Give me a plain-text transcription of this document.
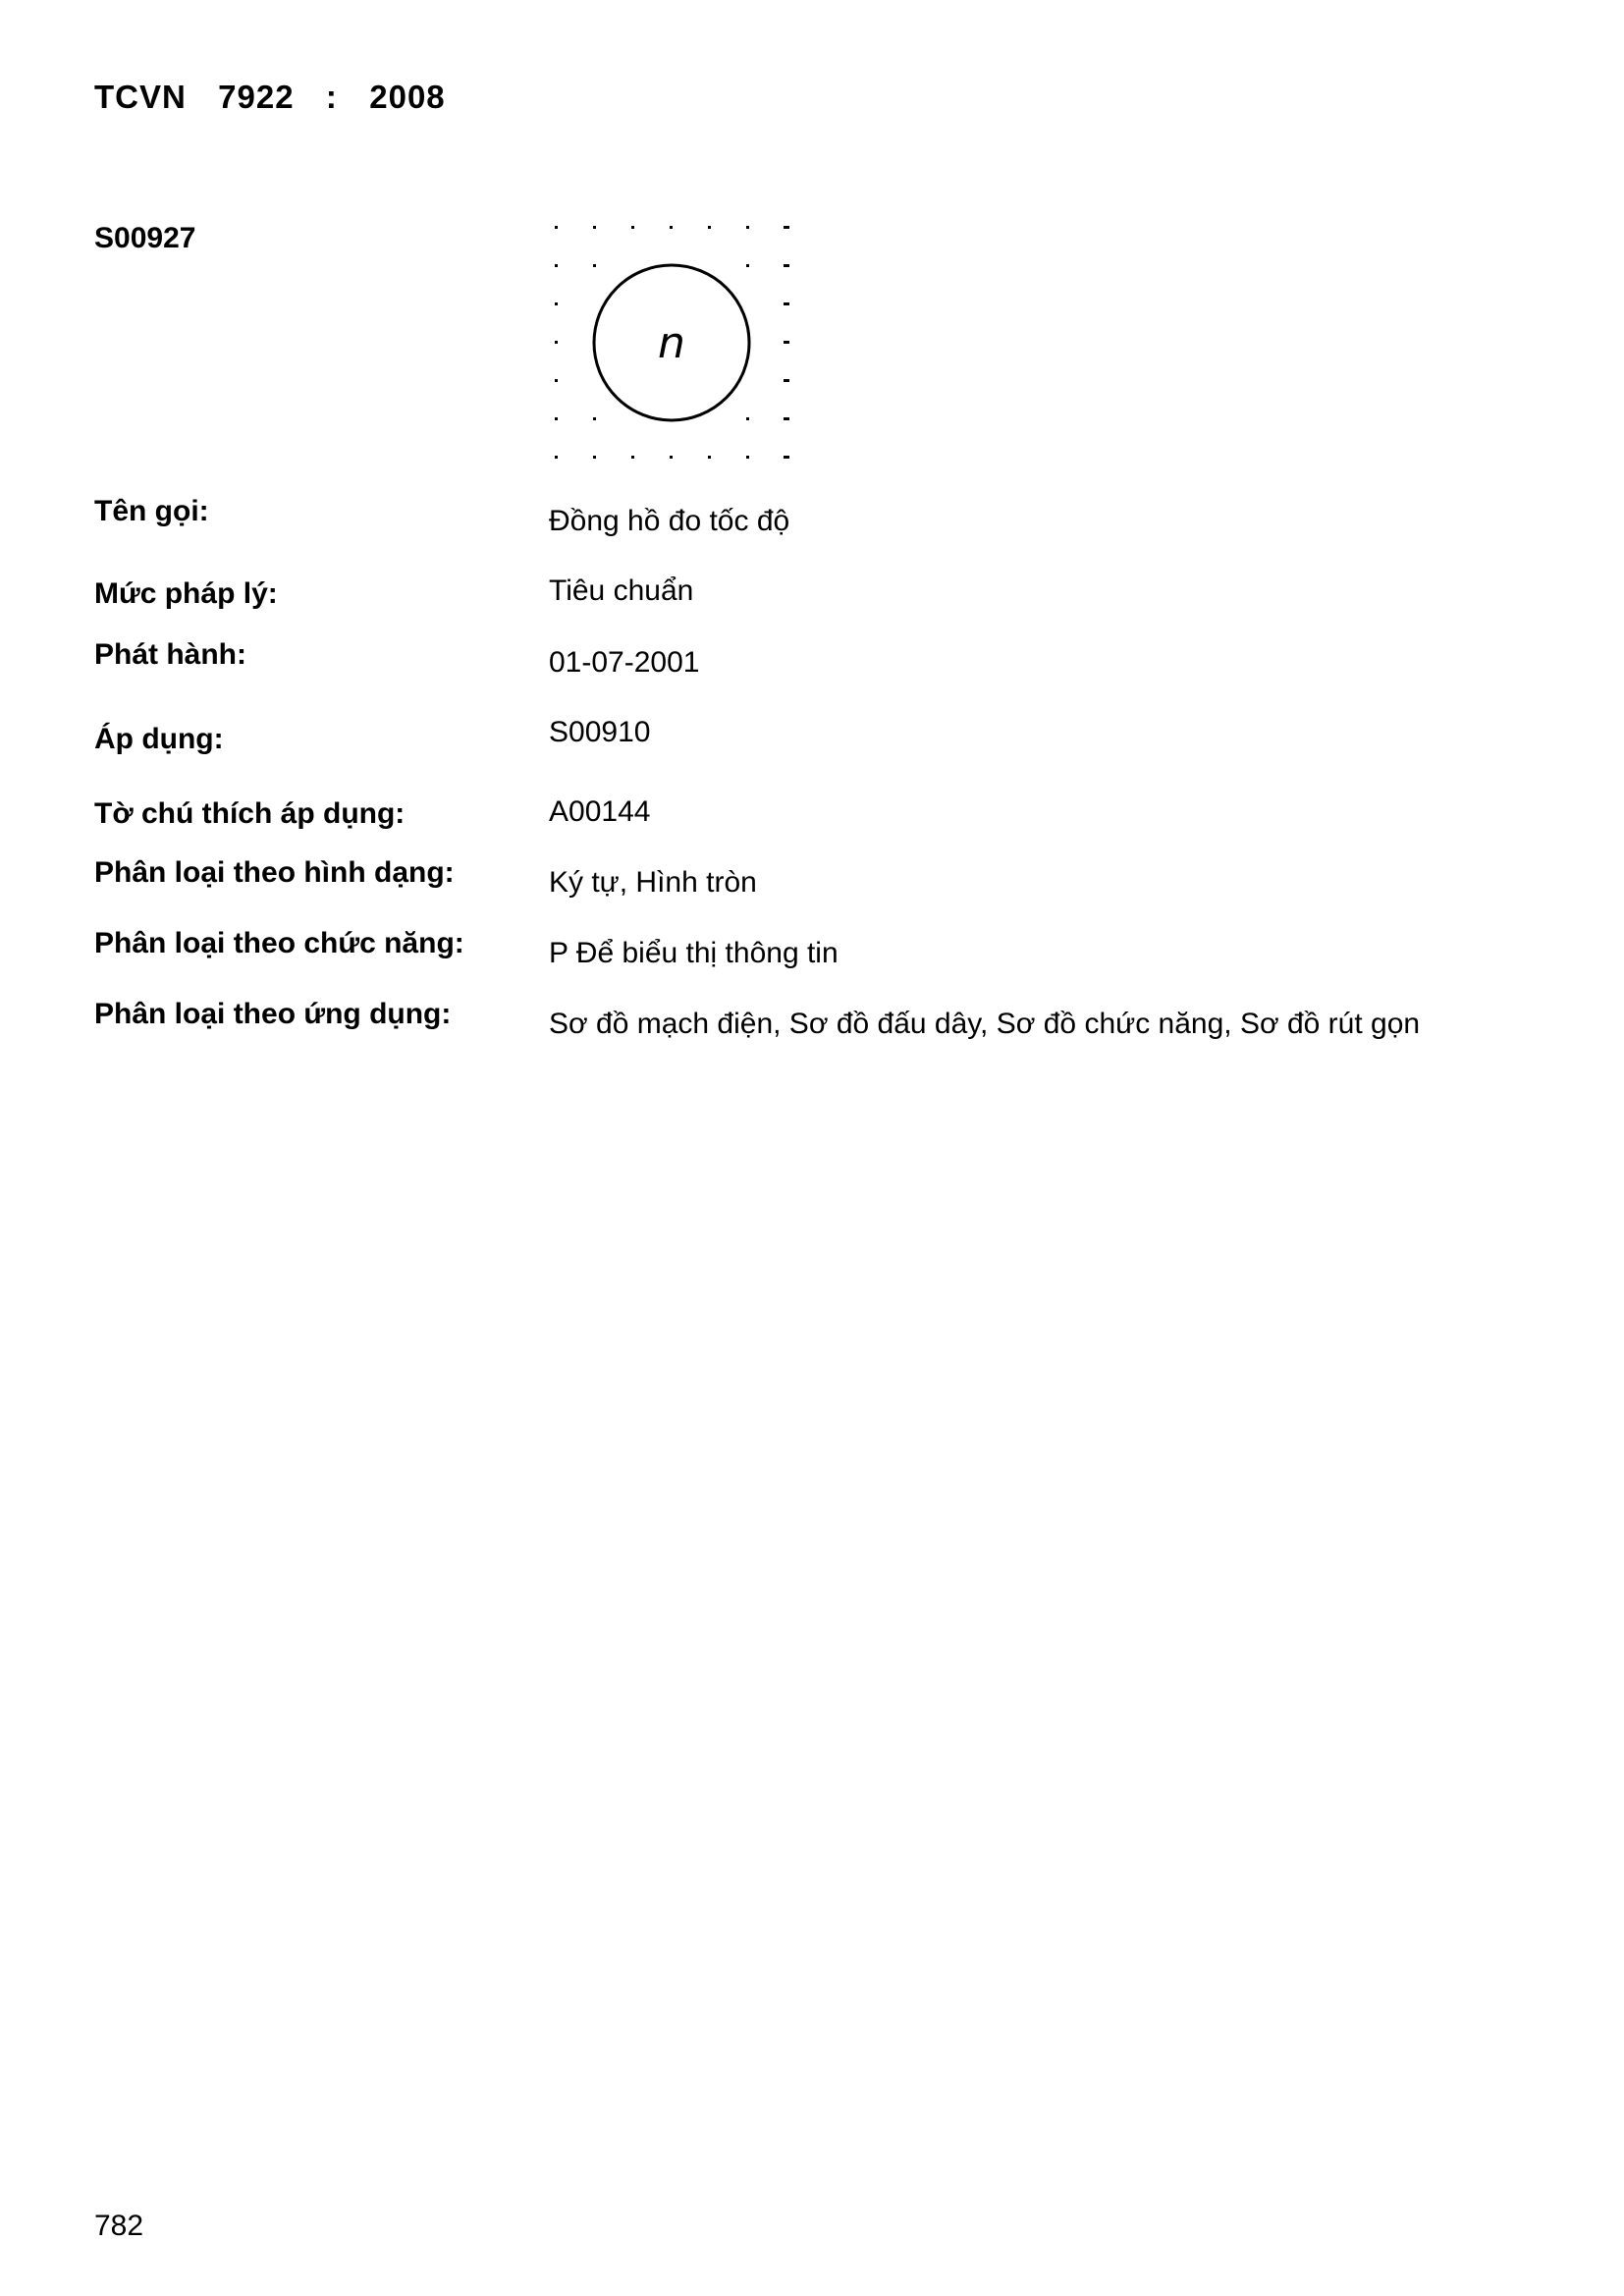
TCVN  7922  :  2008
S00927
n
Tên gọi:	Đồng hồ đo tốc độ
Mức pháp lý:	Tiêu chuẩn
Phát hành:	01-07-2001
Áp dụng:	S00910
Tờ chú thích áp dụng:	A00144
Phân loại theo hình dạng:	Ký tự, Hình tròn
Phân loại theo chức năng:	P Để biểu thị thông tin
Phân loại theo ứng dụng:	Sơ đồ mạch điện, Sơ đồ đấu dây, Sơ đồ chức năng, Sơ đồ rút gọn
782
